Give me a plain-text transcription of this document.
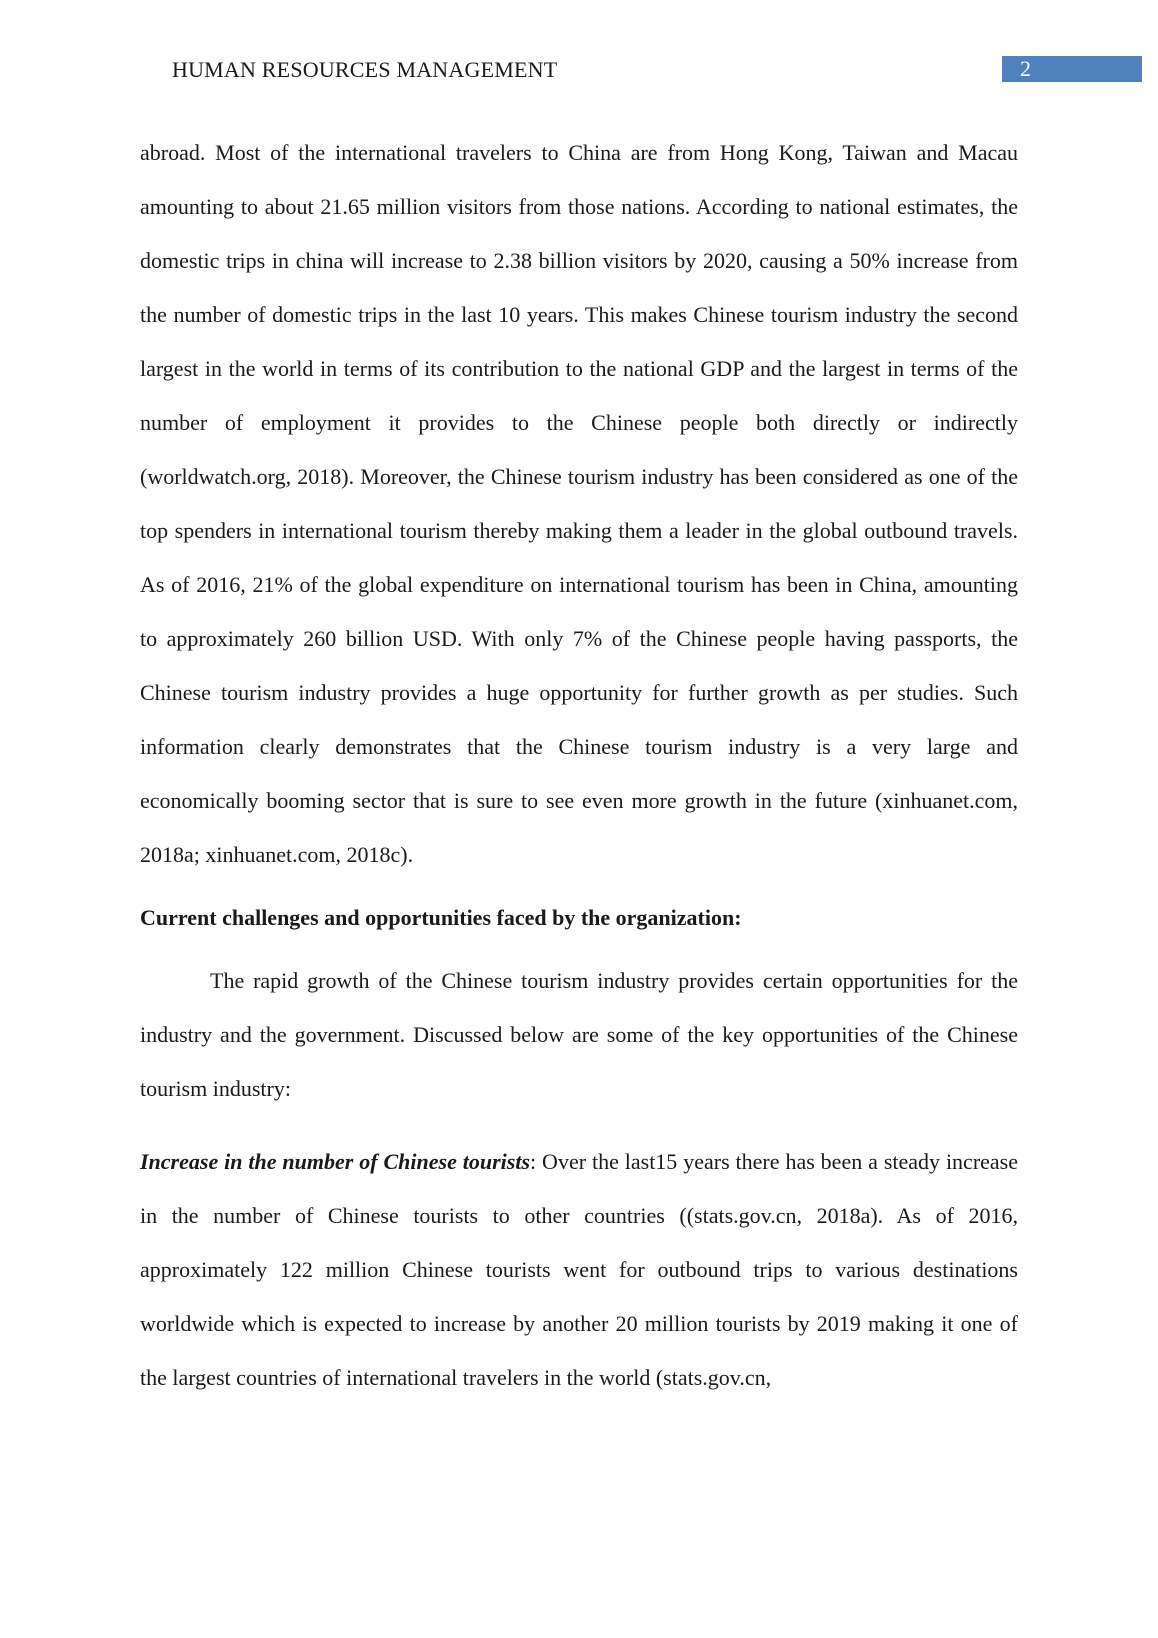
HUMAN RESOURCES MANAGEMENT	2

abroad. Most of the international travelers to China are from Hong Kong, Taiwan and Macau amounting to about 21.65 million visitors from those nations. According to national estimates, the domestic trips in china will increase to 2.38 billion visitors by 2020, causing a 50% increase from the number of domestic trips in the last 10 years. This makes Chinese tourism industry the second largest in the world in terms of its contribution to the national GDP and the largest in terms of the number of employment it provides to the Chinese people both directly or indirectly (worldwatch.org, 2018). Moreover, the Chinese tourism industry has been considered as one of the top spenders in international tourism thereby making them a leader in the global outbound travels. As of 2016, 21% of the global expenditure on international tourism has been in China, amounting to approximately 260 billion USD. With only 7% of the Chinese people having passports, the Chinese tourism industry provides a huge opportunity for further growth as per studies. Such information clearly demonstrates that the Chinese tourism industry is a very large and economically booming sector that is sure to see even more growth in the future (xinhuanet.com, 2018a; xinhuanet.com, 2018c).

Current challenges and opportunities faced by the organization:

The rapid growth of the Chinese tourism industry provides certain opportunities for the industry and the government. Discussed below are some of the key opportunities of the Chinese tourism industry:

Increase in the number of Chinese tourists: Over the last15 years there has been a steady increase in the number of Chinese tourists to other countries ((stats.gov.cn, 2018a). As of 2016, approximately 122 million Chinese tourists went for outbound trips to various destinations worldwide which is expected to increase by another 20 million tourists by 2019 making it one of the largest countries of international travelers in the world (stats.gov.cn,
